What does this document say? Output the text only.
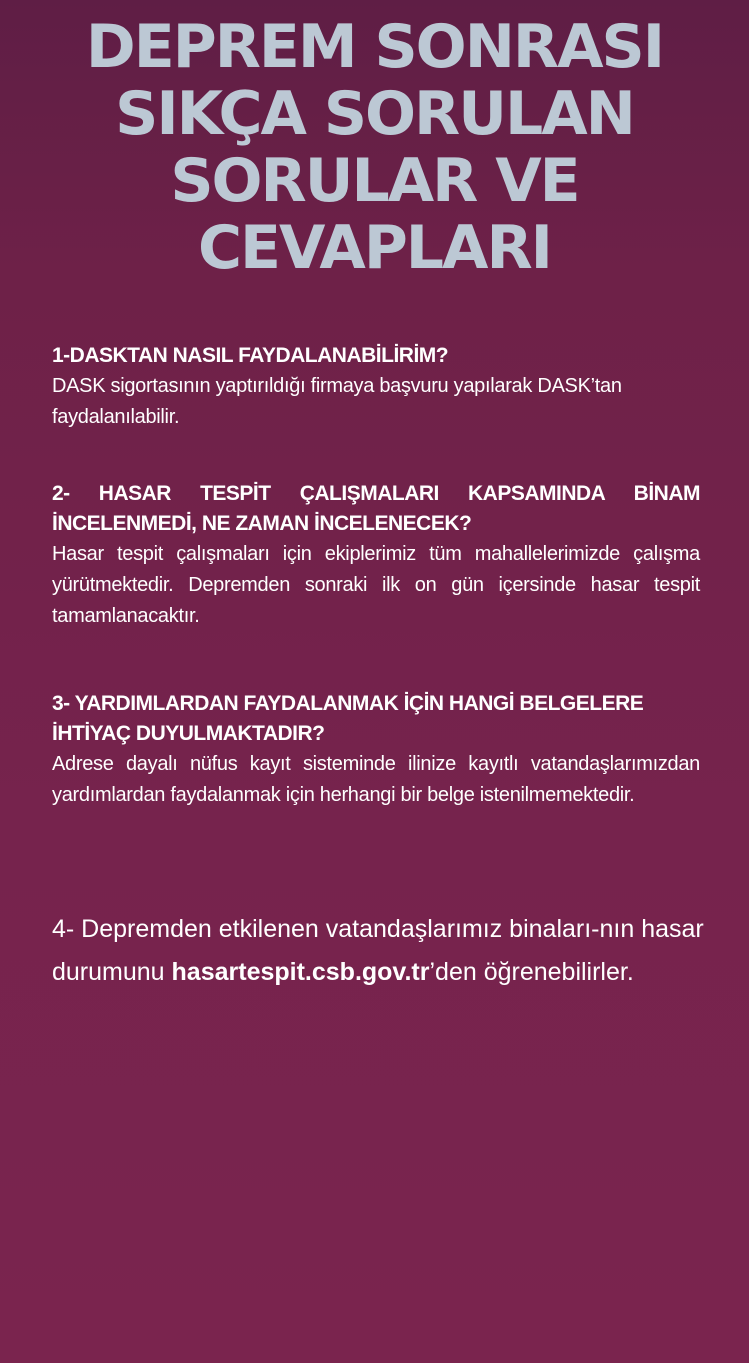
DEPREM SONRASI
SIKÇA SORULAN
SORULAR VE
CEVAPLARI

1-DASKTAN NASIL FAYDALANABİLİRİM?

DASK sigortasının yaptırıldığı firmaya başvuru yapılarak DASK’tan faydalanılabilir.

2- HASAR TESPİT ÇALIŞMALARI KAPSAMINDA BİNAM İNCELENMEDİ, NE ZAMAN İNCELENECEK?

Hasar tespit çalışmaları için ekiplerimiz tüm mahallelerimizde çalışma yürütmektedir. Depremden sonraki ilk on gün içersinde hasar tespit tamamlanacaktır.

3- YARDIMLARDAN FAYDALANMAK İÇİN HANGİ BELGELERE İHTİYAÇ DUYULMAKTADIR?

Adrese dayalı nüfus kayıt sisteminde ilinize kayıtlı vatandaşlarımızdan yardımlardan faydalanmak için herhangi bir belge istenilmemektedir.

4- Depremden etkilenen vatandaşlarımız binaları-nın hasar durumunu hasartespit.csb.gov.tr’den öğrenebilirler.
